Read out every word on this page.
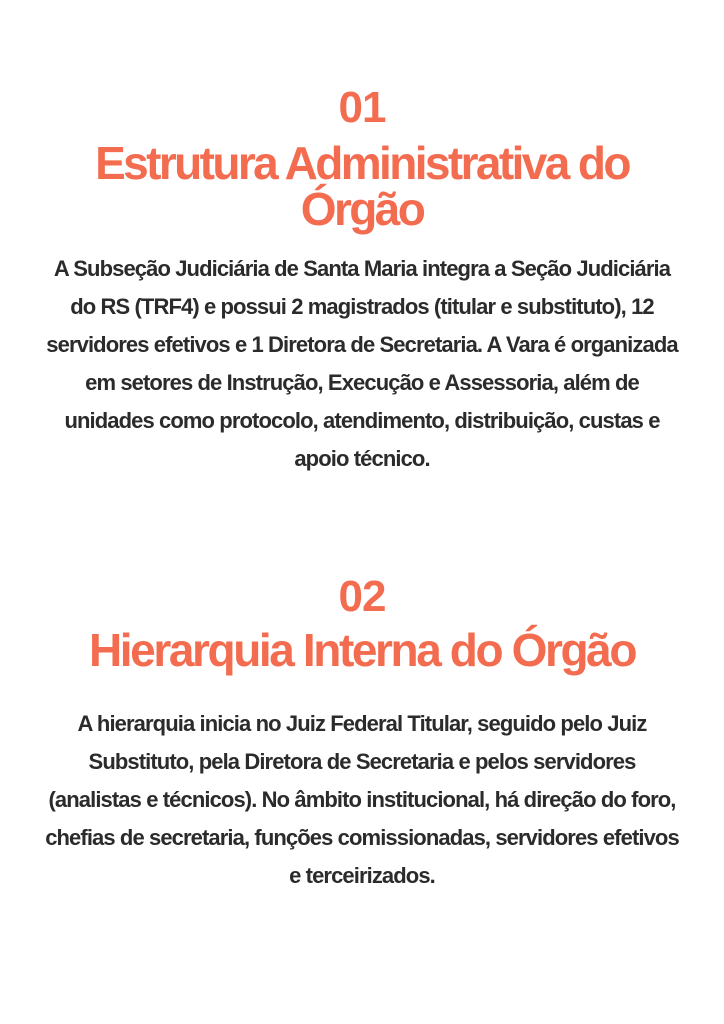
01
Estrutura Administrativa do Órgão

A Subseção Judiciária de Santa Maria integra a Seção Judiciária do RS (TRF4) e possui 2 magistrados (titular e substituto), 12 servidores efetivos e 1 Diretora de Secretaria. A Vara é organizada em setores de Instrução, Execução e Assessoria, além de unidades como protocolo, atendimento, distribuição, custas e apoio técnico.

02
Hierarquia Interna do Órgão

A hierarquia inicia no Juiz Federal Titular, seguido pelo Juiz Substituto, pela Diretora de Secretaria e pelos servidores (analistas e técnicos). No âmbito institucional, há direção do foro, chefias de secretaria, funções comissionadas, servidores efetivos e terceirizados.
